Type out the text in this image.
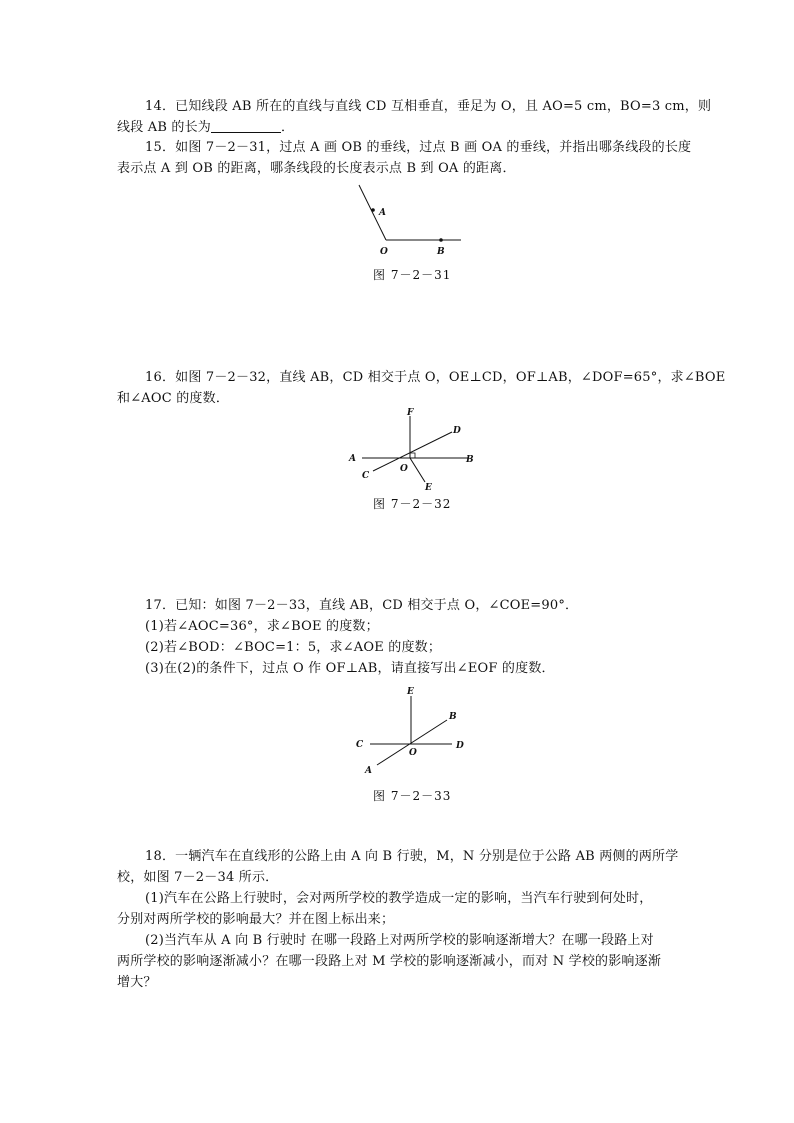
14．已知线段 AB 所在的直线与直线 CD 互相垂直，垂足为 O，且 AO=5 cm，BO=3 cm，则
线段 AB 的长为	．
15．如图 7－2－31，过点 A 画 OB 的垂线，过点 B 画 OA 的垂线，并指出哪条线段的长度
表示点 A 到 OB 的距离，哪条线段的长度表示点 B 到 OA 的距离．
A
O	B
图 7－2－31
16．如图 7－2－32，直线 AB，CD 相交于点 O，OE⊥CD，OF⊥AB，∠DOF=65°，求∠BOE
和∠AOC 的度数．
F
D
A	B
C
O
E
图 7－2－32
17．已知：如图 7－2－33，直线 AB，CD 相交于点 O，∠COE=90°．
(1)若∠AOC=36°，求∠BOE 的度数；
(2)若∠BOD：∠BOC=1：5，求∠AOE 的度数；
(3)在(2)的条件下，过点 O 作 OF⊥AB，请直接写出∠EOF 的度数．
E
B
C
O
D
A
图 7－2－33
18．一辆汽车在直线形的公路上由 A 向 B 行驶，M，N 分别是位于公路 AB 两侧的两所学
校，如图 7－2－34 所示．
(1)汽车在公路上行驶时，会对两所学校的教学造成一定的影响，当汽车行驶到何处时，
分别对两所学校的影响最大？并在图上标出来；
(2)当汽车从 A 向 B 行驶时 在哪一段路上对两所学校的影响逐渐增大？在哪一段路上对
两所学校的影响逐渐减小？在哪一段路上对 M 学校的影响逐渐减小，而对 N 学校的影响逐渐
增大？
